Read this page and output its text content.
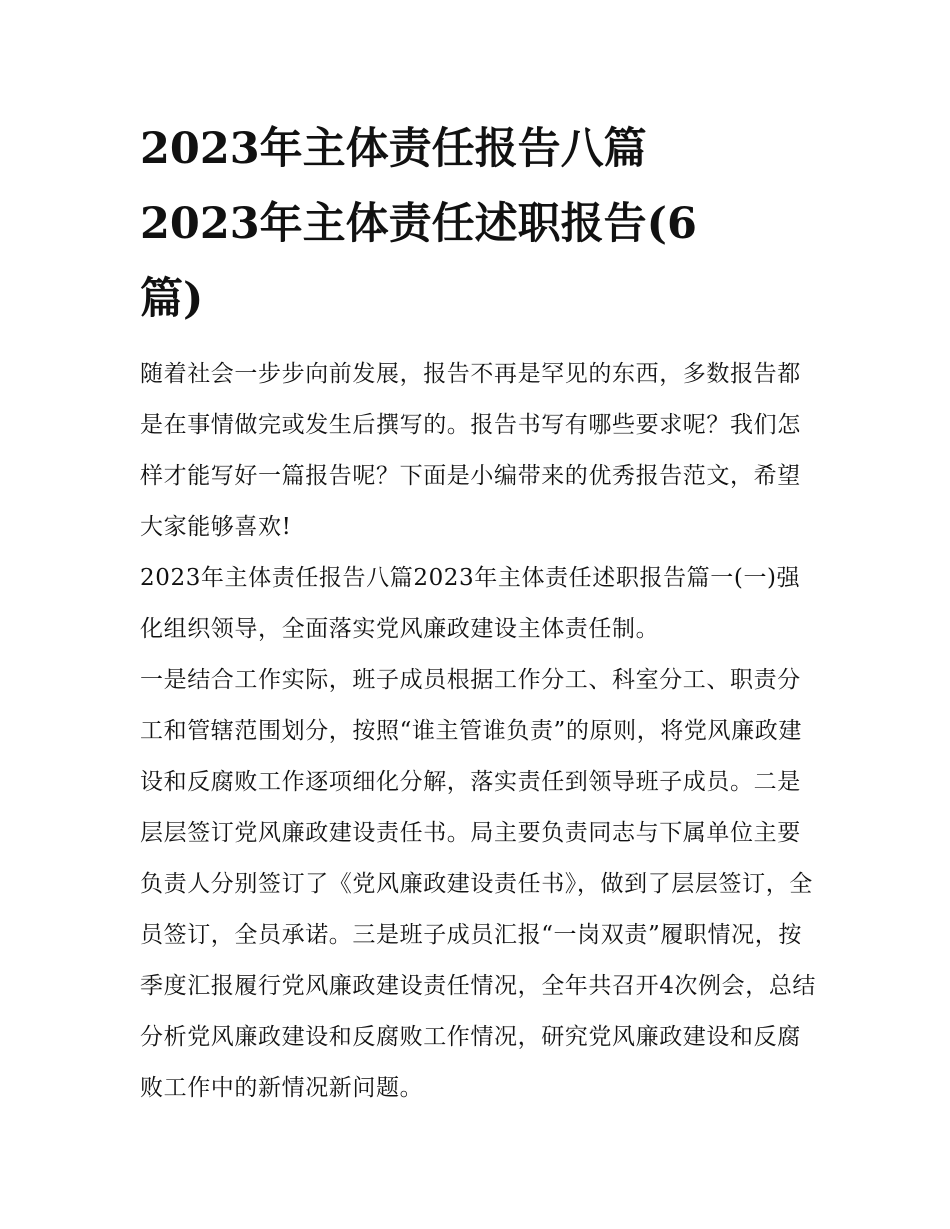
2023年主体责任报告八篇
2023年主体责任述职报告(6
篇)

随着社会一步步向前发展，报告不再是罕见的东西，多数报告都是在事情做完或发生后撰写的。报告书写有哪些要求呢？我们怎样才能写好一篇报告呢？下面是小编带来的优秀报告范文，希望大家能够喜欢!

2023年主体责任报告八篇2023年主体责任述职报告篇一(一)强化组织领导，全面落实党风廉政建设主体责任制。

一是结合工作实际，班子成员根据工作分工、科室分工、职责分工和管辖范围划分，按照“谁主管谁负责”的原则，将党风廉政建设和反腐败工作逐项细化分解，落实责任到领导班子成员。二是层层签订党风廉政建设责任书。局主要负责同志与下属单位主要负责人分别签订了《党风廉政建设责任书》，做到了层层签订，全员签订，全员承诺。三是班子成员汇报“一岗双责”履职情况，按季度汇报履行党风廉政建设责任情况，全年共召开4次例会，总结分析党风廉政建设和反腐败工作情况，研究党风廉政建设和反腐败工作中的新情况新问题。
